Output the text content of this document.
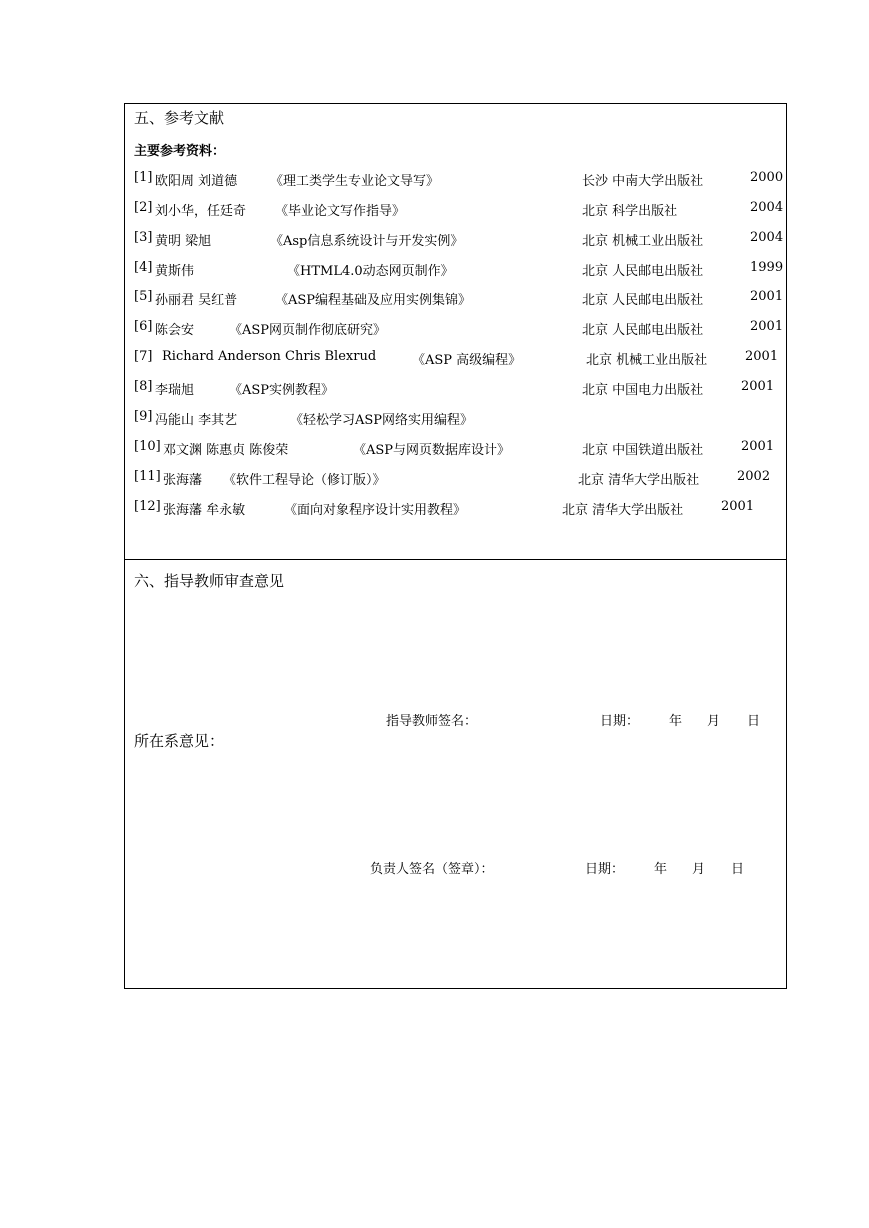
五、参考文献
主要参考资料：
[1] 欧阳周 刘道德	《理工类学生专业论文导写》	长沙 中南大学出版社	2000
[2] 刘小华，任廷奇 《毕业论文写作指导》	北京 科学出版社	2004
[3] 黄明 梁旭	《Asp信息系统设计与开发实例》	北京 机械工业出版社	2004
[4] 黄斯伟	《HTML4.0动态网页制作》	北京 人民邮电出版社	1999
[5] 孙丽君 吴红普	《ASP编程基础及应用实例集锦》	北京 人民邮电出版社	2001
[6] 陈会安	《ASP网页制作彻底研究》	北京 人民邮电出版社	2001
[7] Richard Anderson Chris Blexrud	《ASP 高级编程》	北京 机械工业出版社	2001
[8] 李瑞旭	《ASP实例教程》	北京 中国电力出版社	2001
[9] 冯能山 李其艺	《轻松学习ASP网络实用编程》
[10] 邓文渊 陈惠贞 陈俊荣	《ASP与网页数据库设计》	北京 中国铁道出版社	2001
[11] 张海藩 《软件工程导论（修订版）》	北京 清华大学出版社	2002
[12] 张海藩 牟永敏	《面向对象程序设计实用教程》	北京 清华大学出版社	2001
六、指导教师审查意见
指导教师签名：	日期： 年 月 日
所在系意见：
负责人签名（签章）：	日期： 年 月 日
